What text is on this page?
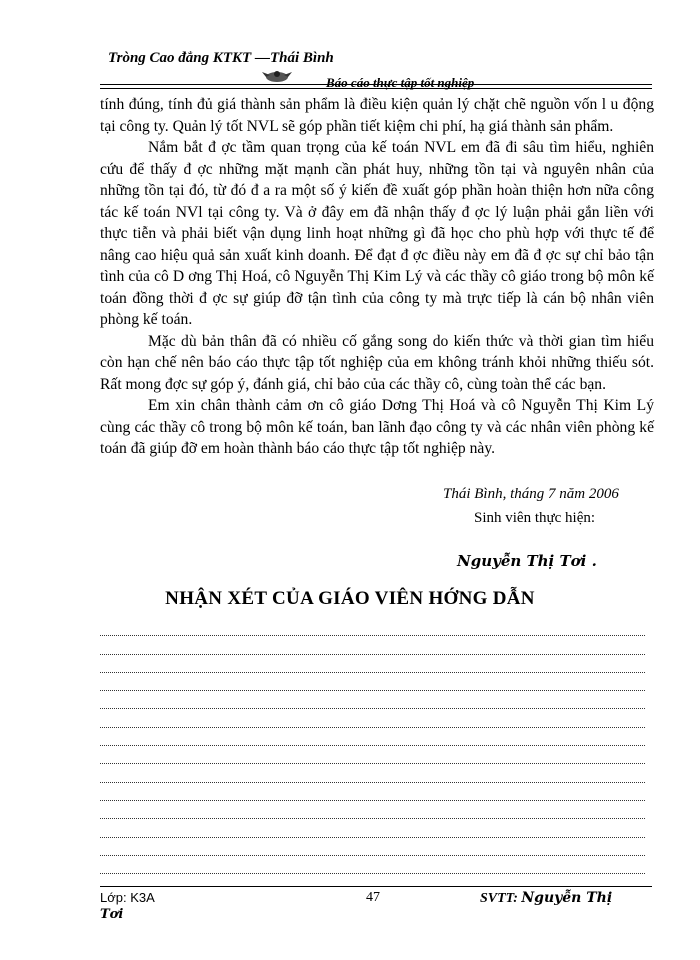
Tròng Cao đẳng KTKT —Thái Bình
Báo cáo thực tập tốt nghiệp

tính đúng, tính đủ giá thành sản phẩm là điều kiện quản lý chặt chẽ nguồn vốn l u động tại công ty. Quản lý tốt NVL sẽ góp phần tiết kiệm chi phí, hạ giá thành sản phẩm.

Nắm bắt đ ợc tầm quan trọng của kế toán NVL em đã đi sâu tìm hiểu, nghiên cứu để thấy đ ợc những mặt mạnh cần phát huy, những tồn tại và nguyên nhân của những tồn tại đó, từ đó đ a ra một số ý kiến đề xuất góp phần hoàn thiện hơn nữa công tác kế toán NVl tại công ty. Và ở đây em đã nhận thấy đ ợc lý luận phải gắn liền với thực tiễn và phải biết vận dụng linh hoạt những gì đã học cho phù hợp với thực tế để nâng cao hiệu quả sản xuất kinh doanh. Để đạt đ ợc điều này em đã đ ợc sự chỉ bảo tận tình của cô D ơng Thị Hoá, cô Nguyễn Thị Kim Lý và các thầy cô giáo trong bộ môn kế toán đồng thời đ ợc sự giúp đỡ tận tình của công ty mà trực tiếp là cán bộ nhân viên phòng kế toán.

Mặc dù bản thân đã có nhiều cố gắng song do kiến thức và thời gian tìm hiểu còn hạn chế nên báo cáo thực tập tốt nghiệp của em không tránh khỏi những thiếu sót. Rất mong đợc sự góp ý, đánh giá, chỉ bảo của các thầy cô, cùng toàn thể các bạn.

Em xin chân thành cảm ơn cô giáo Dơng Thị Hoá và cô Nguyễn Thị Kim Lý cùng các thầy cô trong bộ môn kế toán, ban lãnh đạo công ty và các nhân viên phòng kế toán đã giúp đỡ em hoàn thành báo cáo thực tập tốt nghiệp này.

Thái Bình, tháng 7 năm 2006
Sinh viên thực hiện:
Nguyễn Thị Tơi .
NHẬN XÉT CỦA GIÁO VIÊN HỚNG DẪN
Lớp: K3A	47	SVTT: Nguyễn Thị
Tơi
